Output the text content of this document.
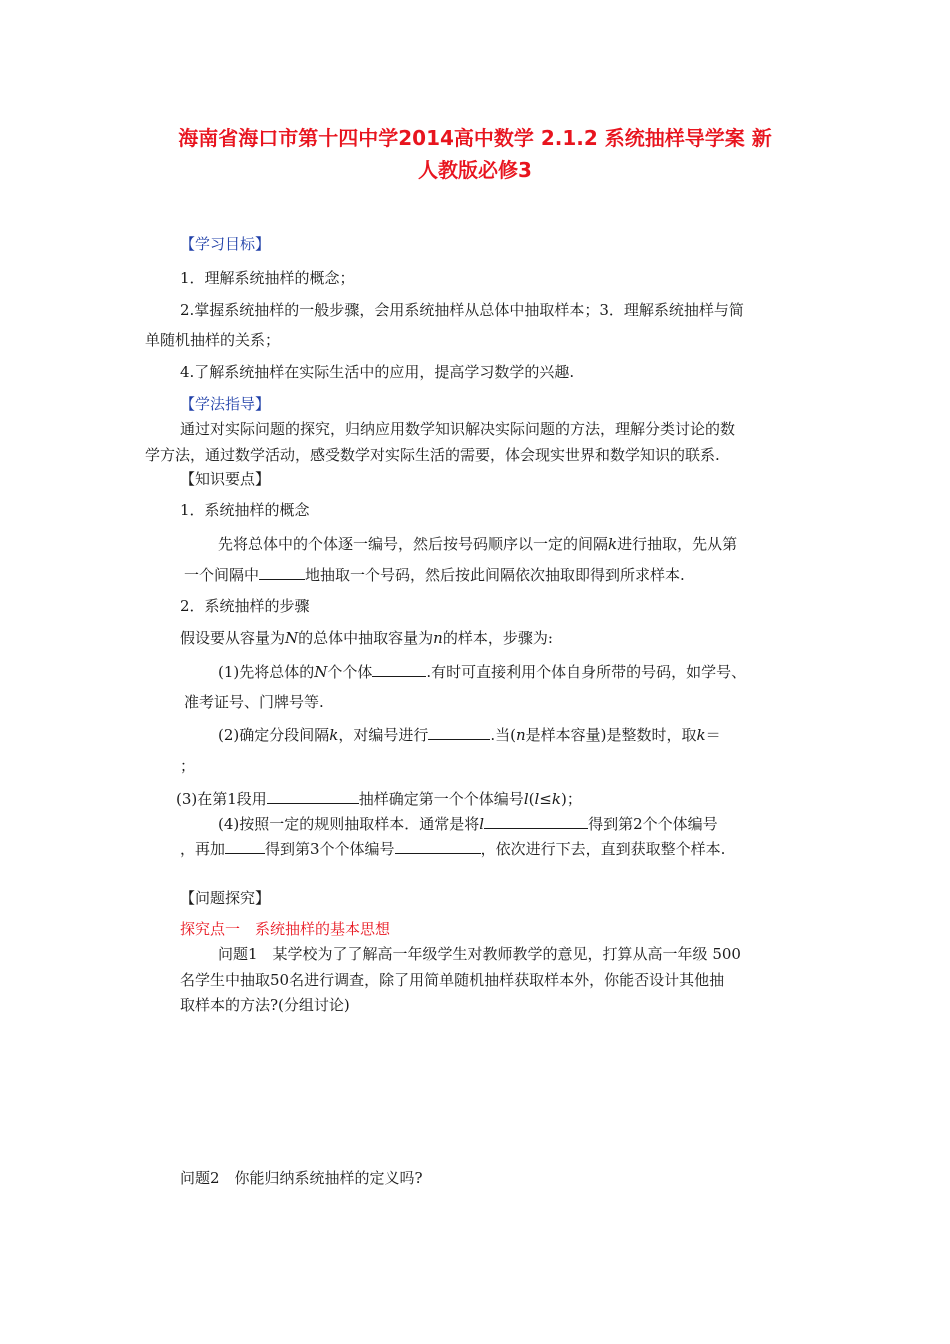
海南省海口市第十四中学2014高中数学 2.1.2 系统抽样导学案 新
人教版必修3
【学习目标】
1．理解系统抽样的概念；
2.掌握系统抽样的一般步骤，会用系统抽样从总体中抽取样本；3．理解系统抽样与简
单随机抽样的关系；
4.了解系统抽样在实际生活中的应用，提高学习数学的兴趣.
【学法指导】
通过对实际问题的探究，归纳应用数学知识解决实际问题的方法，理解分类讨论的数
学方法，通过数学活动，感受数学对实际生活的需要，体会现实世界和数学知识的联系.
【知识要点】
1．系统抽样的概念
先将总体中的个体逐一编号，然后按号码顺序以一定的间隔k进行抽取，先从第
一个间隔中	地抽取一个号码，然后按此间隔依次抽取即得到所求样本.
2．系统抽样的步骤
假设要从容量为N的总体中抽取容量为n的样本，步骤为:
(1)先将总体的N个个体	.有时可直接利用个体自身所带的号码，如学号、
准考证号、门牌号等.
(2)确定分段间隔k，对编号进行	.当(n是样本容量)是整数时，取k＝
；
(3)在第1段用	抽样确定第一个个体编号l(l≤k)；
(4)按照一定的规则抽取样本．通常是将l	得到第2个个体编号
，再加	得到第3个个体编号	，依次进行下去，直到获取整个样本.
【问题探究】
探究点一　系统抽样的基本思想
问题1　某学校为了了解高一年级学生对教师教学的意见，打算从高一年级 500
名学生中抽取50名进行调查，除了用简单随机抽样获取样本外，你能否设计其他抽
取样本的方法?(分组讨论)
问题2　你能归纳系统抽样的定义吗?
